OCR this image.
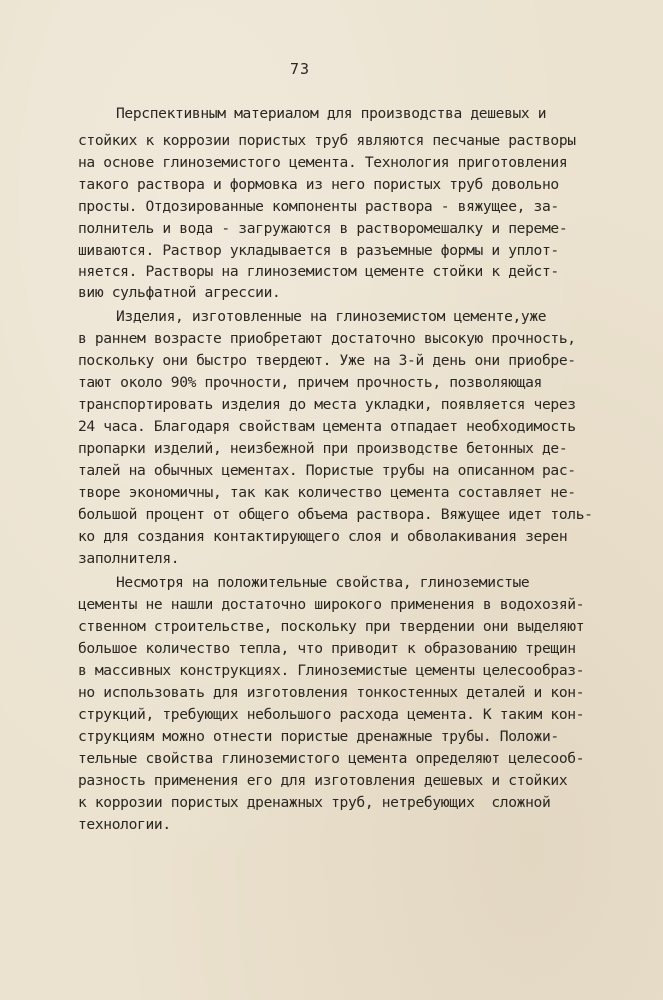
73
Перспективным материалом для производства дешевых и
стойких к коррозии пористых труб являются песчаные растворы
на основе глиноземистого цемента. Технология приготовления
такого раствора и формовка из него пористых труб довольно
просты. Отдозированные компоненты раствора - вяжущее, за-
полнитель и вода - загружаются в растворомешалку и переме-
шиваются. Раствор укладывается в разъемные формы и уплот-
няется. Растворы на глиноземистом цементе стойки к дейст-
вию сульфатной агрессии.
Изделия, изготовленные на глиноземистом цементе,уже
в раннем возрасте приобретают достаточно высокую прочность,
поскольку они быстро твердеют. Уже на 3-й день они приобре-
тают около 90% прочности, причем прочность, позволяющая
транспортировать изделия до места укладки, появляется через
24 часа. Благодаря свойствам цемента отпадает необходимость
пропарки изделий, неизбежной при производстве бетонных де-
талей на обычных цементах. Пористые трубы на описанном рас-
творе экономичны, так как количество цемента составляет не-
большой процент от общего объема раствора. Вяжущее идет толь-
ко для создания контактирующего слоя и обволакивания зерен
заполнителя.
Несмотря на положительные свойства, глиноземистые
цементы не нашли достаточно широкого применения в водохозяй-
ственном строительстве, поскольку при твердении они выделяют
большое количество тепла, что приводит к образованию трещин
в массивных конструкциях. Глиноземистые цементы целесообраз-
но использовать для изготовления тонкостенных деталей и кон-
струкций, требующих небольшого расхода цемента. К таким кон-
струкциям можно отнести пористые дренажные трубы. Положи-
тельные свойства глиноземистого цемента определяют целесооб-
разность применения его для изготовления дешевых и стойких
к коррозии пористых дренажных труб, нетребующих  сложной
технологии.
